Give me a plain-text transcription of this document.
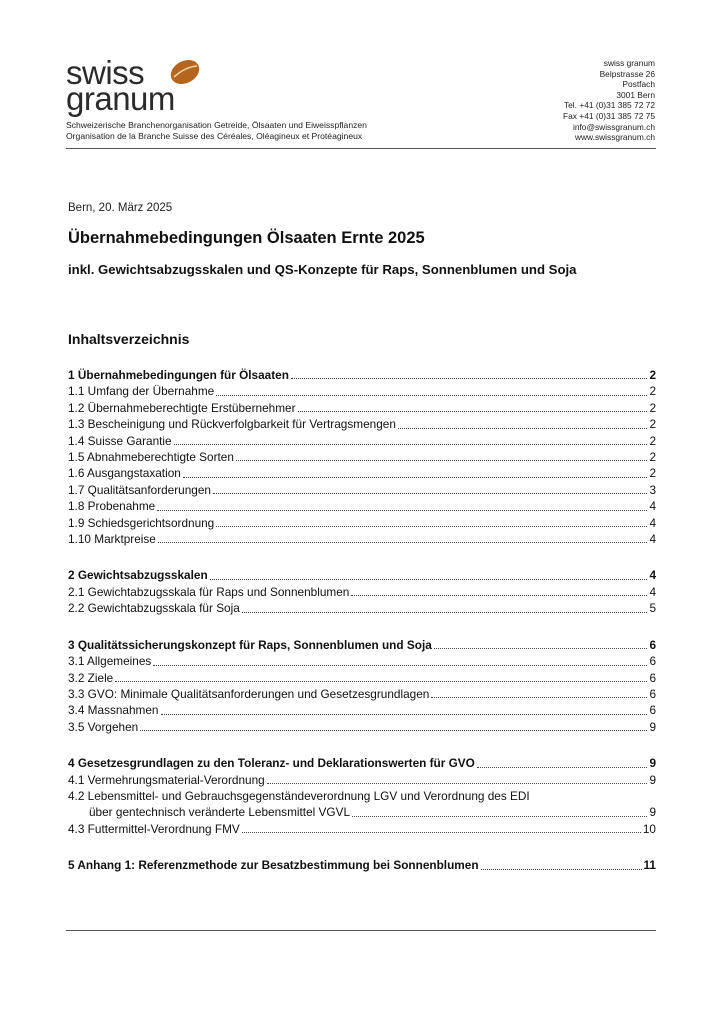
swiss
granum
Schweizerische Branchenorganisation Getreide, Ölsaaten und Eiweisspflanzen
Organisation de la Branche Suisse des Céréales, Oléagineux et Protéagineux
swiss granum
Belpstrasse 26
Postfach
3001 Bern
Tel. +41 (0)31 385 72 72
Fax +41 (0)31 385 72 75
info@swissgranum.ch
www.swissgranum.ch
Bern, 20. März 2025
Übernahmebedingungen Ölsaaten Ernte 2025
inkl. Gewichtsabzugsskalen und QS-Konzepte für Raps, Sonnenblumen und Soja
Inhaltsverzeichnis
1 Übernahmebedingungen für Ölsaaten	2
1.1 Umfang der Übernahme	2
1.2 Übernahmeberechtigte Erstübernehmer	2
1.3 Bescheinigung und Rückverfolgbarkeit für Vertragsmengen	2
1.4 Suisse Garantie	2
1.5 Abnahmeberechtigte Sorten	2
1.6 Ausgangstaxation	2
1.7 Qualitätsanforderungen	3
1.8 Probenahme	4
1.9 Schiedsgerichtsordnung	4
1.10 Marktpreise	4
2 Gewichtsabzugsskalen	4
2.1 Gewichtabzugsskala für Raps und Sonnenblumen	4
2.2 Gewichtabzugsskala für Soja	5
3 Qualitätssicherungskonzept für Raps, Sonnenblumen und Soja	6
3.1 Allgemeines	6
3.2 Ziele	6
3.3 GVO: Minimale Qualitätsanforderungen und Gesetzesgrundlagen	6
3.4 Massnahmen	6
3.5 Vorgehen	9
4 Gesetzesgrundlagen zu den Toleranz- und Deklarationswerten für GVO	9
4.1 Vermehrungsmaterial-Verordnung	9
4.2 Lebensmittel- und Gebrauchsgegenständeverordnung LGV und Verordnung des EDI
über gentechnisch veränderte Lebensmittel VGVL	9
4.3 Futtermittel-Verordnung FMV	10
5 Anhang 1: Referenzmethode zur Besatzbestimmung bei Sonnenblumen	11
